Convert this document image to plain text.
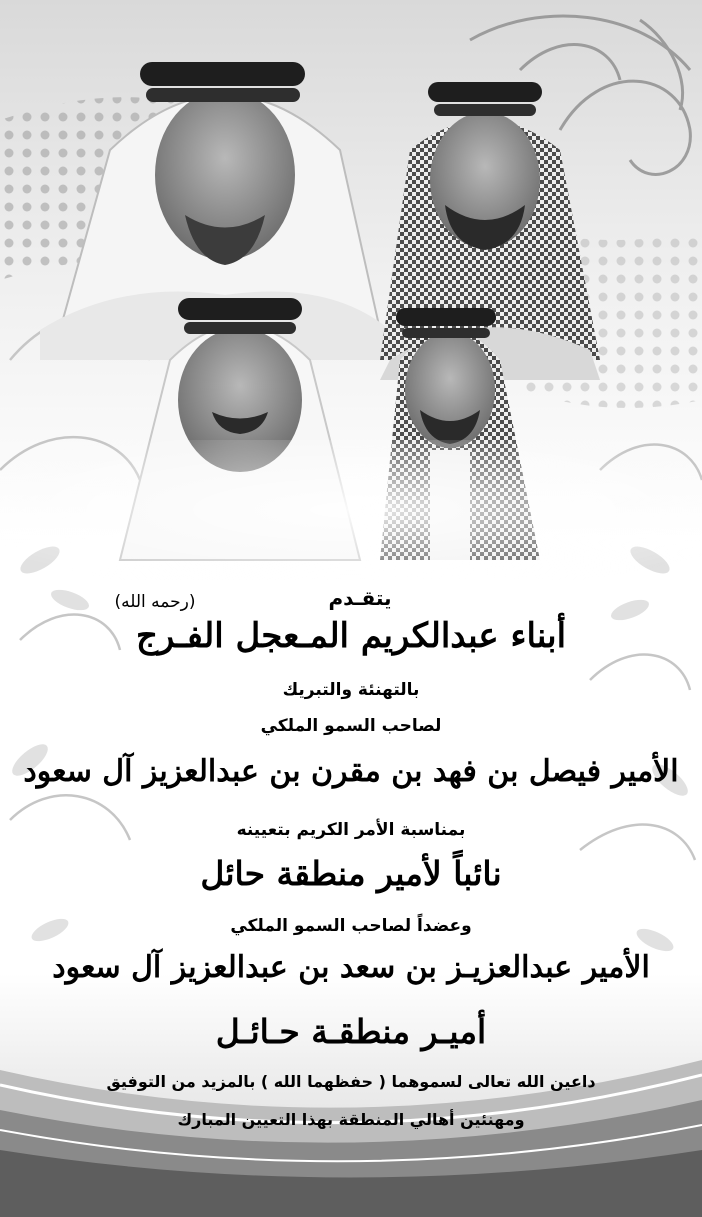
يتقـدم
(رحمه الله)
أبناء عبدالكريم المـعجل الفـرج
بالتهنئة والتبريك
لصاحب السمو الملكي
الأمير فيصل بن فهد بن مقرن بن عبدالعزيز آل سعود
بمناسبة الأمر الكريم بتعيينه
نائباً لأمير منطقة حائل
وعضداً لصاحب السمو الملكي
الأمير عبدالعزيـز بن سعد بن عبدالعزيز آل سعود
أميـر منطقـة حـائـل
داعين الله تعالى لسموهما ( حفظهما الله ) بالمزيد من التوفيق
ومهنئين أهالي المنطقة بهذا التعيين المبارك
